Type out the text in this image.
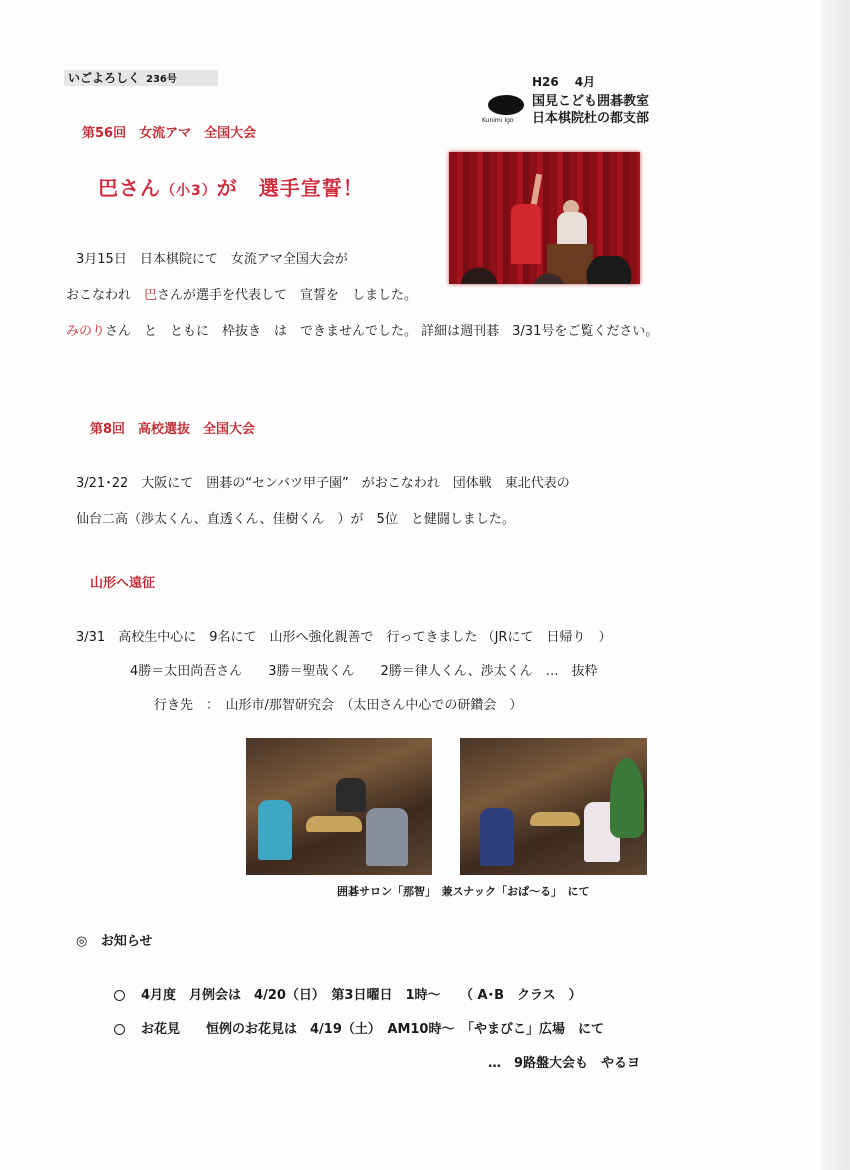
いごよろしく 236号	H26 4月
Kunimi Igo
国見こども囲碁教室
日本棋院杜の都支部
第56回　女流アマ　全国大会
巴さん（小3）が　選手宣誓！
3月15日　日本棋院にて　女流アマ全国大会が
おこなわれ　巴さんが選手を代表して　宣誓を　しました。
みのりさん　と　ともに　枠抜き　は　できませんでした。 詳細は週刊碁　3/31号をご覧ください。
第8回　高校選抜　全国大会
3/21･22　大阪にて　囲碁の“センバツ甲子園”　がおこなわれ　団体戦　東北代表の
仙台二高（渉太くん、直透くん、佳樹くん　）が　5位　と健闘しました。
山形へ遠征
3/31　高校生中心に　9名にて　山形へ強化親善で　行ってきました （JRにて　日帰り　）
4勝＝太田尚吾さん　　3勝＝聖哉くん　　2勝＝律人くん、渉太くん　…　抜粋
行き先　：　山形市/那智研究会　（太田さん中心での研鑽会　）
囲碁サロン「那智」　兼スナック「おぱ～る」　にて
◎ お知らせ
4月度　月例会は　4/20（日）　第3日曜日　1時～　　（ A･B　クラス　）
お花見　　恒例のお花見は　4/19（土）　AM10時～　「やまびこ」広場　にて
…　9路盤大会も　やるヨ
